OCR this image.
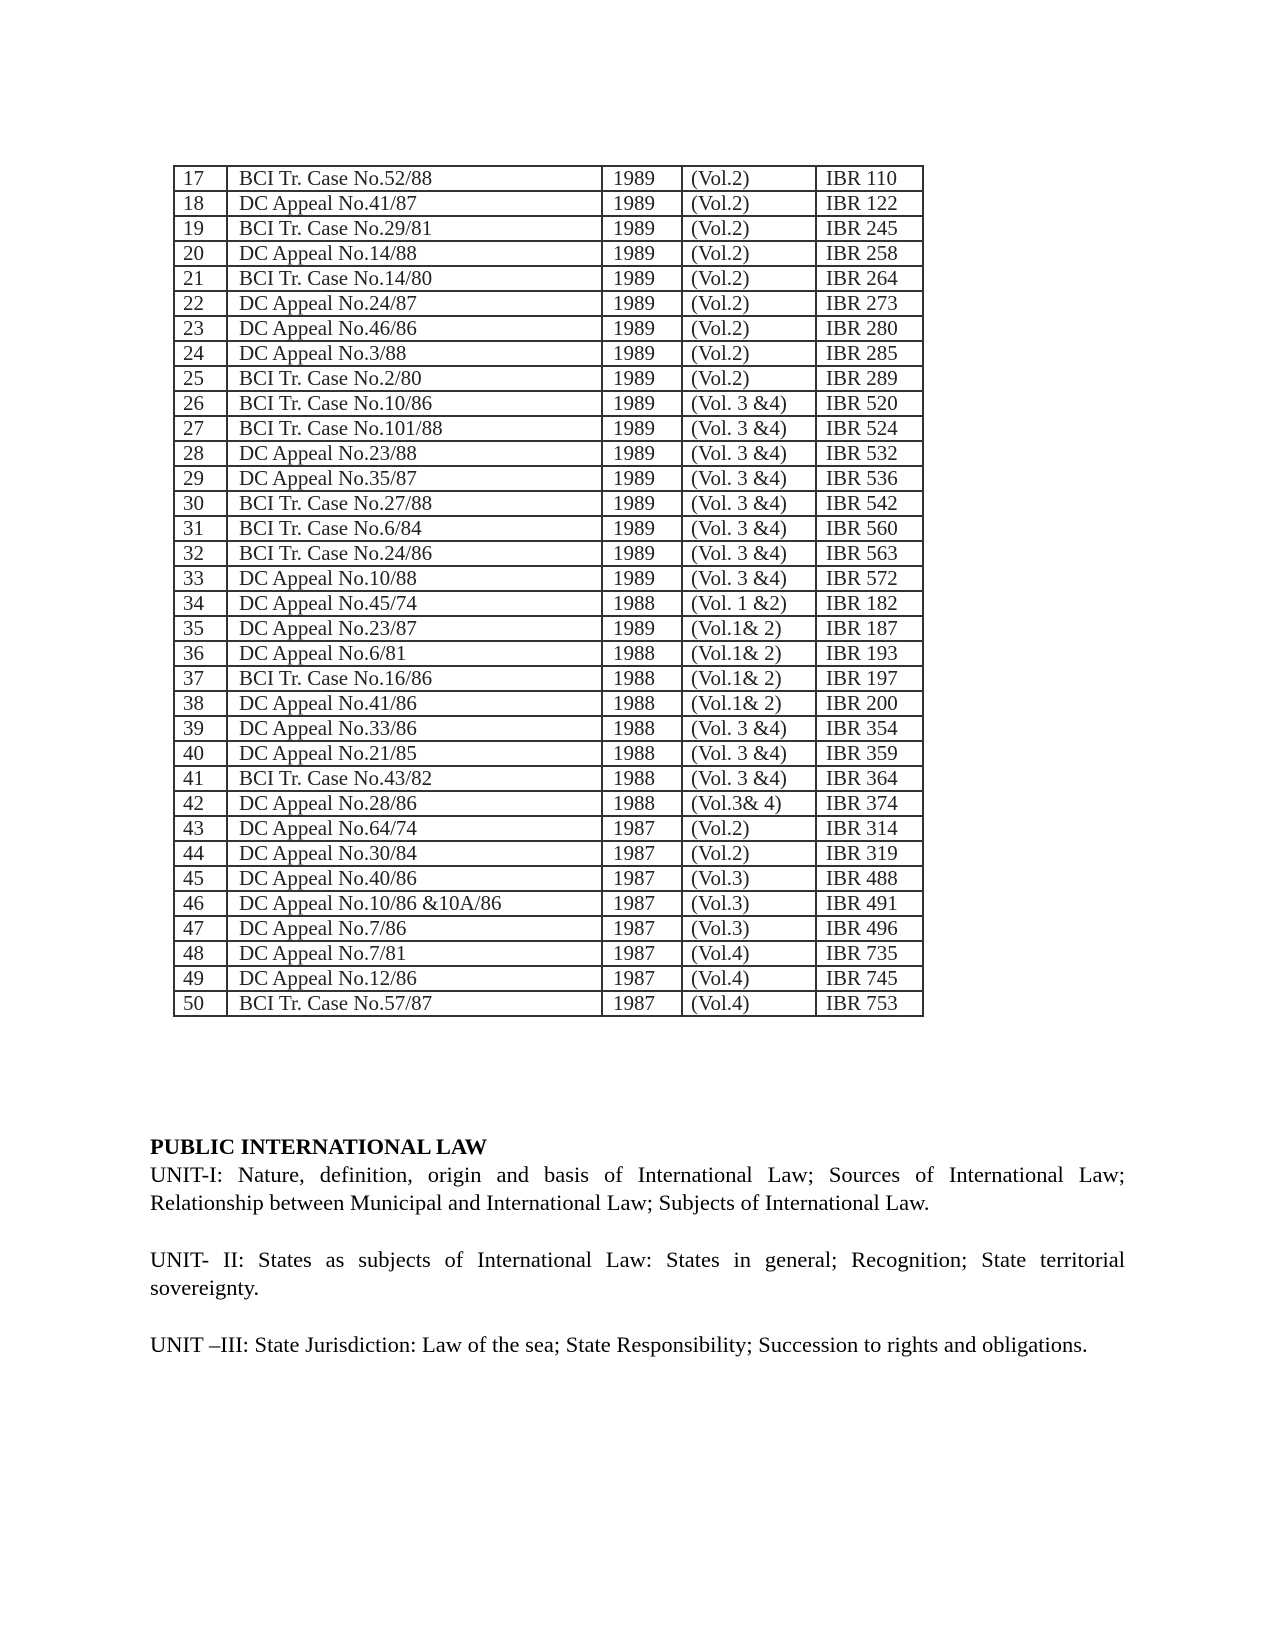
17	BCI Tr. Case No.52/88	1989	(Vol.2)	IBR 110
18	DC Appeal No.41/87	1989	(Vol.2)	IBR 122
19	BCI Tr. Case No.29/81	1989	(Vol.2)	IBR 245
20	DC Appeal No.14/88	1989	(Vol.2)	IBR 258
21	BCI Tr. Case No.14/80	1989	(Vol.2)	IBR 264
22	DC Appeal No.24/87	1989	(Vol.2)	IBR 273
23	DC Appeal No.46/86	1989	(Vol.2)	IBR 280
24	DC Appeal No.3/88	1989	(Vol.2)	IBR 285
25	BCI Tr. Case No.2/80	1989	(Vol.2)	IBR 289
26	BCI Tr. Case No.10/86	1989	(Vol. 3 &4)	IBR 520
27	BCI Tr. Case No.101/88	1989	(Vol. 3 &4)	IBR 524
28	DC Appeal No.23/88	1989	(Vol. 3 &4)	IBR 532
29	DC Appeal No.35/87	1989	(Vol. 3 &4)	IBR 536
30	BCI Tr. Case No.27/88	1989	(Vol. 3 &4)	IBR 542
31	BCI Tr. Case No.6/84	1989	(Vol. 3 &4)	IBR 560
32	BCI Tr. Case No.24/86	1989	(Vol. 3 &4)	IBR 563
33	DC Appeal No.10/88	1989	(Vol. 3 &4)	IBR 572
34	DC Appeal No.45/74	1988	(Vol. 1 &2)	IBR 182
35	DC Appeal No.23/87	1989	(Vol.1& 2)	IBR 187
36	DC Appeal No.6/81	1988	(Vol.1& 2)	IBR 193
37	BCI Tr. Case No.16/86	1988	(Vol.1& 2)	IBR 197
38	DC Appeal No.41/86	1988	(Vol.1& 2)	IBR 200
39	DC Appeal No.33/86	1988	(Vol. 3 &4)	IBR 354
40	DC Appeal No.21/85	1988	(Vol. 3 &4)	IBR 359
41	BCI Tr. Case No.43/82	1988	(Vol. 3 &4)	IBR 364
42	DC Appeal No.28/86	1988	(Vol.3& 4)	IBR 374
43	DC Appeal No.64/74	1987	(Vol.2)	IBR 314
44	DC Appeal No.30/84	1987	(Vol.2)	IBR 319
45	DC Appeal No.40/86	1987	(Vol.3)	IBR 488
46	DC Appeal No.10/86 &10A/86	1987	(Vol.3)	IBR 491
47	DC Appeal No.7/86	1987	(Vol.3)	IBR 496
48	DC Appeal No.7/81	1987	(Vol.4)	IBR 735
49	DC Appeal No.12/86	1987	(Vol.4)	IBR 745
50	BCI Tr. Case No.57/87	1987	(Vol.4)	IBR 753
PUBLIC INTERNATIONAL LAW

UNIT-I: Nature, definition, origin and basis of International Law; Sources of International Law; Relationship between Municipal and International Law; Subjects of International Law.

UNIT- II: States as subjects of International Law: States in general; Recognition; State territorial sovereignty.

UNIT –III: State Jurisdiction: Law of the sea; State Responsibility; Succession to rights and obligations.
